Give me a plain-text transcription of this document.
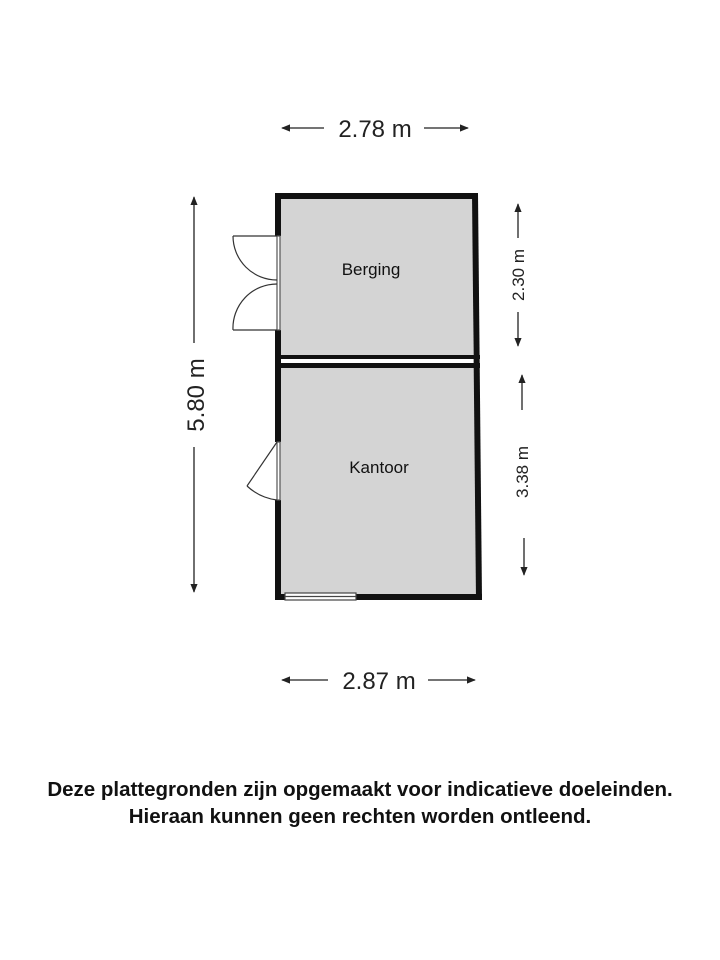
Berging
Kantoor
2.78 m
2.87 m
5.80 m
2.30 m
3.38 m
Deze plattegronden zijn opgemaakt voor indicatieve doeleinden.
Hieraan kunnen geen rechten worden ontleend.
